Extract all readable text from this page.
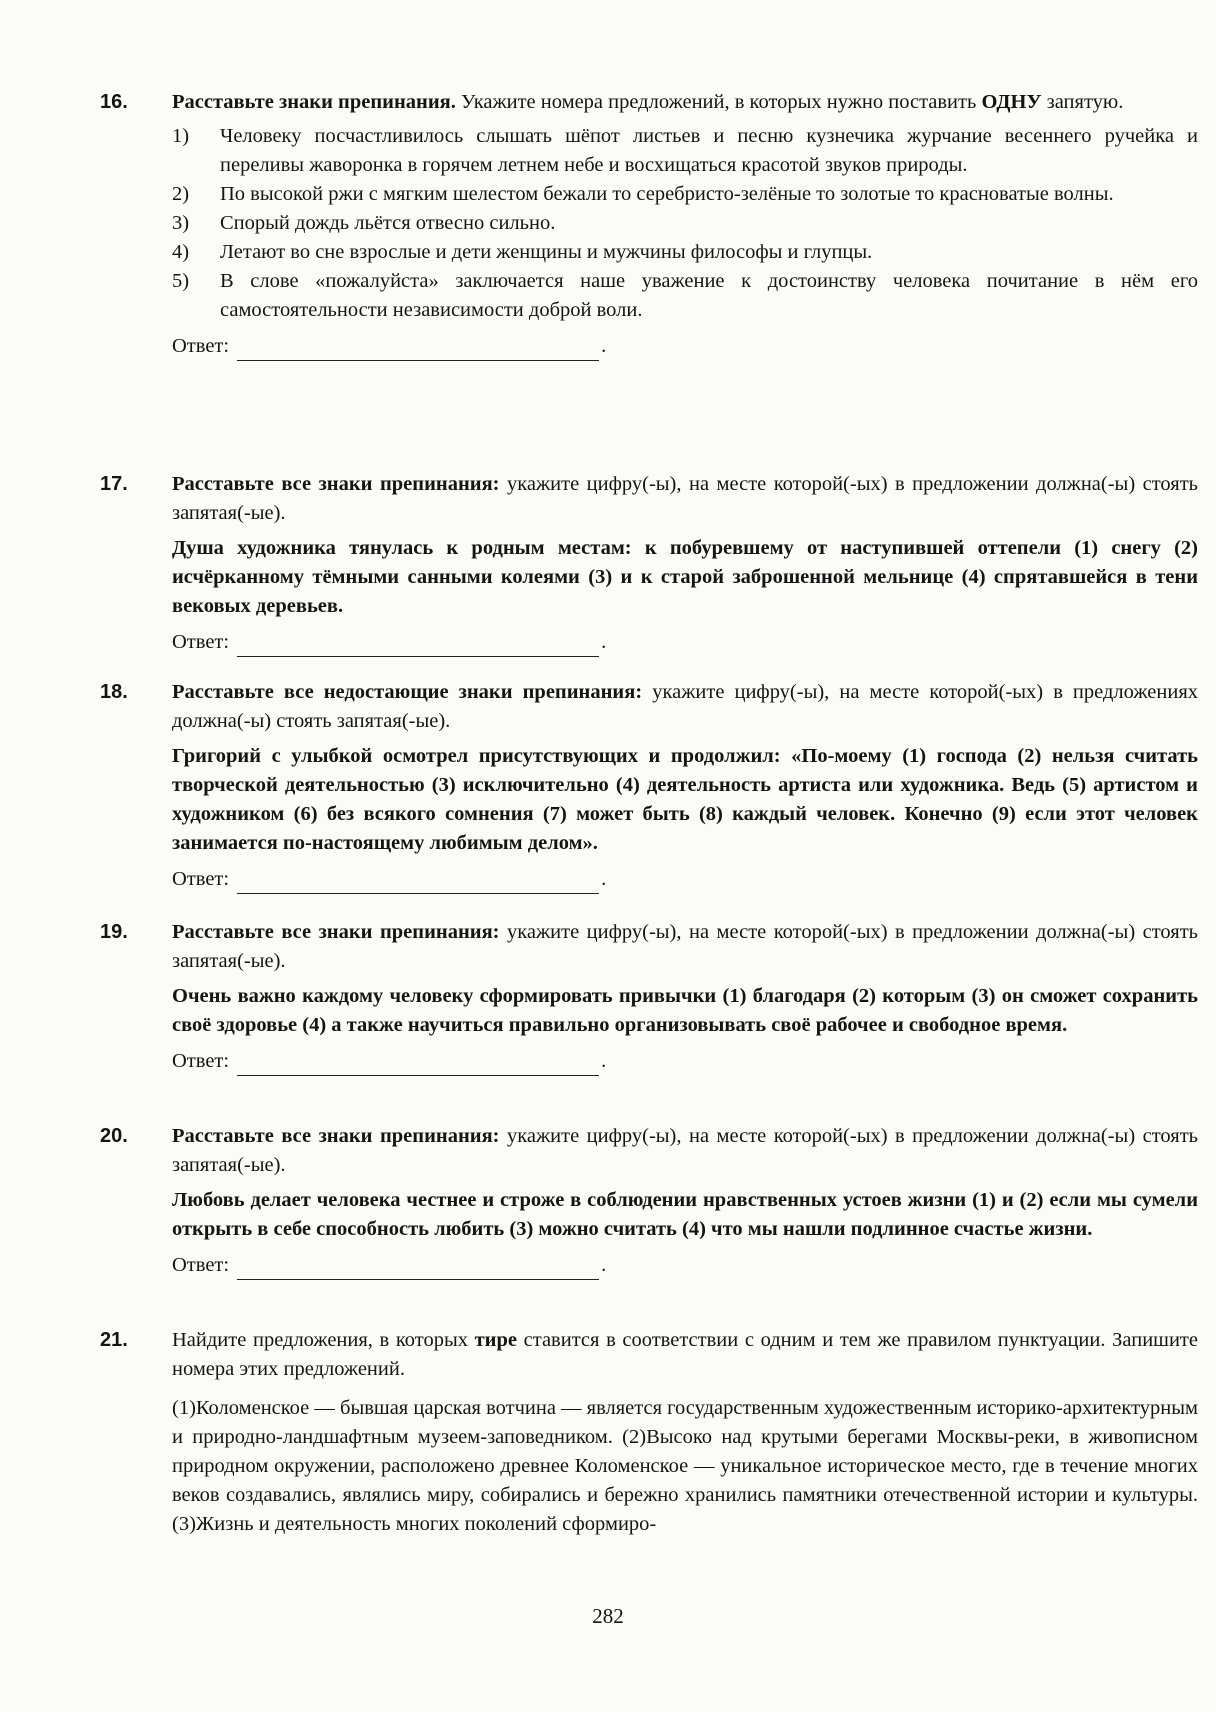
16. Расставьте знаки препинания. Укажите номера предложений, в которых нужно поставить ОДНУ запятую.

1)	Человеку посчастливилось слышать шёпот листьев и песню кузнечика журчание весеннего ручейка и переливы жаворонка в горячем летнем небе и восхищаться красотой звуков природы.
2)	По высокой ржи с мягким шелестом бежали то серебристо-зелёные то золотые то красноватые волны.
3)	Спорый дождь льётся отвесно сильно.
4)	Летают во сне взрослые и дети женщины и мужчины философы и глупцы.
5)	В слове «пожалуйста» заключается наше уважение к достоинству человека почитание в нём его самостоятельности независимости доброй воли.
Ответ:	.
17. Расставьте все знаки препинания: укажите цифру(-ы), на месте которой(-ых) в предложении должна(-ы) стоять запятая(-ые).

Душа художника тянулась к родным местам: к побуревшему от наступившей оттепели (1) снегу (2) исчёрканному тёмными санными колеями (3) и к старой заброшенной мельнице (4) спрятавшейся в тени вековых деревьев.

Ответ:	.
18. Расставьте все недостающие знаки препинания: укажите цифру(-ы), на месте которой(-ых) в предложениях должна(-ы) стоять запятая(-ые).

Григорий с улыбкой осмотрел присутствующих и продолжил: «По-моему (1) господа (2) нельзя считать творческой деятельностью (3) исключительно (4) деятельность артиста или художника. Ведь (5) артистом и художником (6) без всякого сомнения (7) может быть (8) каждый человек. Конечно (9) если этот человек занимается по-настоящему любимым делом».

Ответ:	.
19. Расставьте все знаки препинания: укажите цифру(-ы), на месте которой(-ых) в предложении должна(-ы) стоять запятая(-ые).

Очень важно каждому человеку сформировать привычки (1) благодаря (2) которым (3) он сможет сохранить своё здоровье (4) а также научиться правильно организовывать своё рабочее и свободное время.

Ответ:	.
20. Расставьте все знаки препинания: укажите цифру(-ы), на месте которой(-ых) в предложении должна(-ы) стоять запятая(-ые).

Любовь делает человека честнее и строже в соблюдении нравственных устоев жизни (1) и (2) если мы сумели открыть в себе способность любить (3) можно считать (4) что мы нашли подлинное счастье жизни.

Ответ:	.
21. Найдите предложения, в которых тире ставится в соответствии с одним и тем же правилом пунктуации. Запишите номера этих предложений.

(1)Коломенское — бывшая царская вотчина — является государственным художественным историко-архитектурным и природно-ландшафтным музеем-заповедником. (2)Высоко над крутыми берегами Москвы-реки, в живописном природном окружении, расположено древнее Коломенское — уникальное историческое место, где в течение многих веков создавались, являлись миру, собирались и бережно хранились памятники отечественной истории и культуры. (3)Жизнь и деятельность многих поколений сформиро-

282
